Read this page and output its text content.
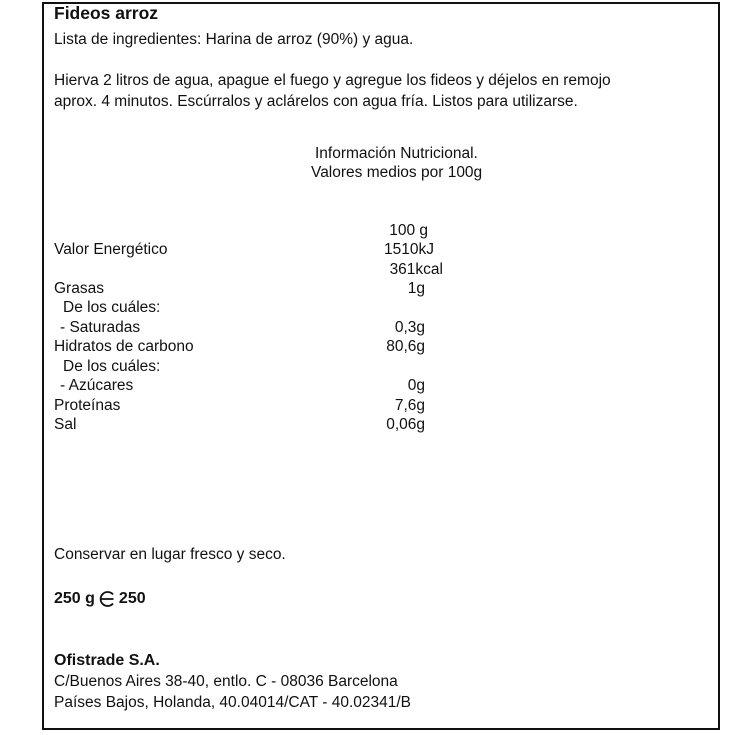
Fideos arroz
Lista de ingredientes: Harina de arroz (90%) y agua.
Hierva 2 litros de agua, apague el fuego y agregue los fideos y déjelos en remojo
aprox. 4 minutos. Escúrralos y aclárelos con agua fría. Listos para utilizarse.
Información Nutricional.
Valores medios por 100g
100 g
Valor Energético	1510kJ
361kcal
Grasas	1g
De los cuáles:
- Saturadas	0,3g
Hidratos de carbono	80,6g
De los cuáles:
- Azúcares	0g
Proteínas	7,6g
Sal	0,06g
Conservar en lugar fresco y seco.
250 g 250
Ofistrade S.A.
C/Buenos Aires 38-40, entlo. C - 08036 Barcelona
Países Bajos, Holanda, 40.04014/CAT - 40.02341/B
